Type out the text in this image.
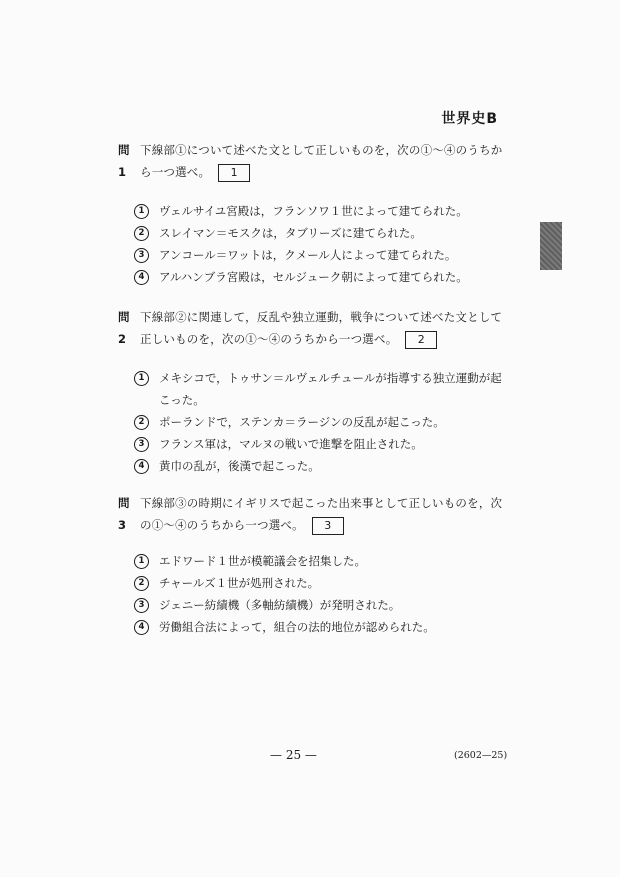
世界史B
問 1
下線部①について述べた文として正しいものを，次の①〜④のうちから一つ選べ。 1
1	ヴェルサイユ宮殿は，フランソワ１世によって建てられた。
2	スレイマン＝モスクは，タブリーズに建てられた。
3	アンコール＝ワットは，クメール人によって建てられた。
4	アルハンブラ宮殿は，セルジューク朝によって建てられた。
問 2
下線部②に関連して，反乱や独立運動，戦争について述べた文として正しいものを，次の①〜④のうちから一つ選べ。 2
1	メキシコで，トゥサン＝ルヴェルチュールが指導する独立運動が起こった。
2	ポーランドで，ステンカ＝ラージンの反乱が起こった。
3	フランス軍は，マルヌの戦いで進撃を阻止された。
4	黄巾の乱が，後漢で起こった。
問 3
下線部③の時期にイギリスで起こった出来事として正しいものを，次の①〜④のうちから一つ選べ。 3
1	エドワード１世が模範議会を招集した。
2	チャールズ１世が処刑された。
3	ジェニー紡績機（多軸紡績機）が発明された。
4	労働組合法によって，組合の法的地位が認められた。
— 25 —	(2602—25)
